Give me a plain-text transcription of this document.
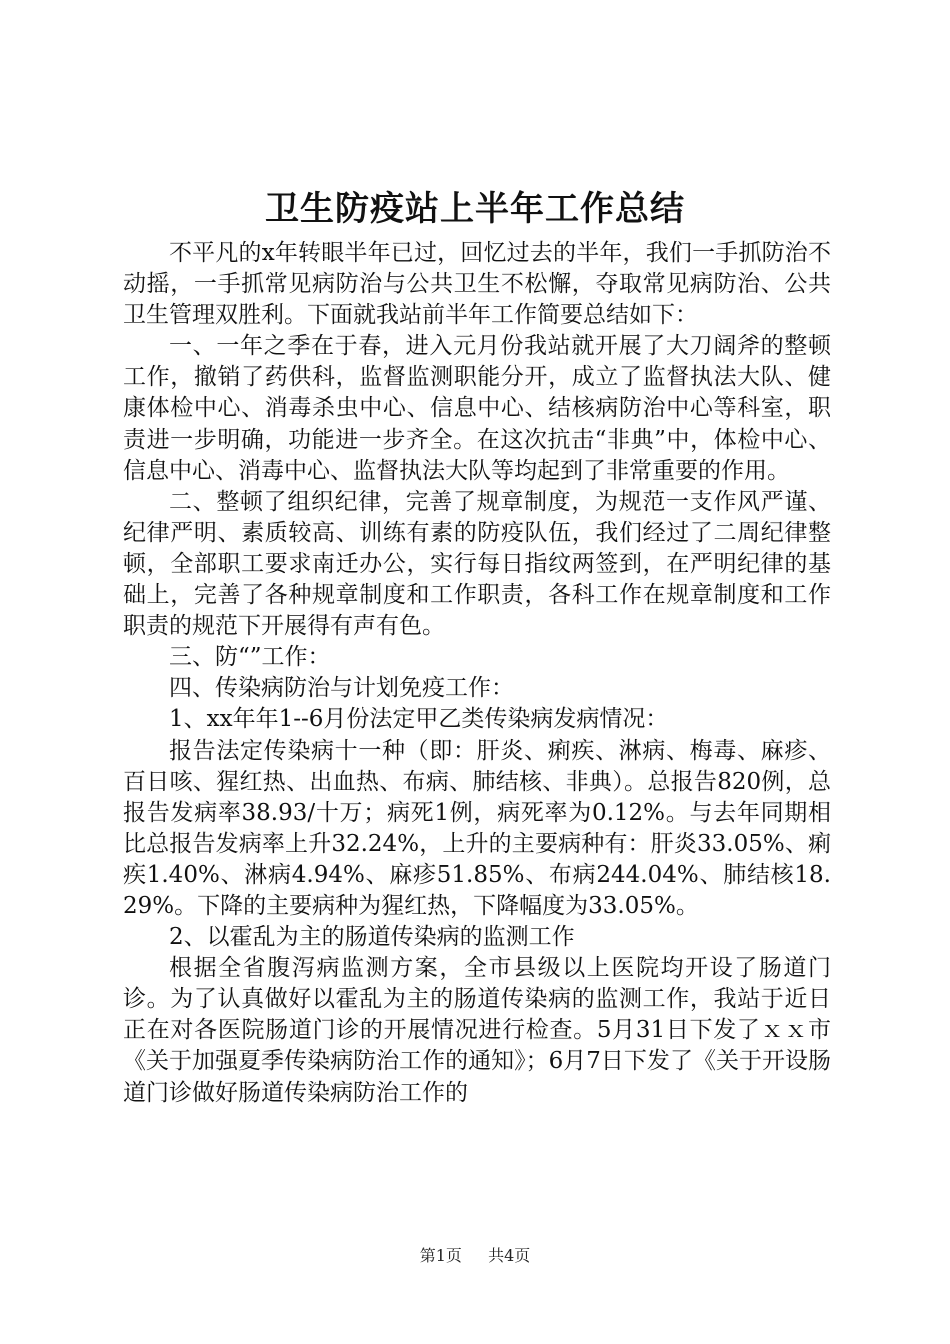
卫生防疫站上半年工作总结

不平凡的x年转眼半年已过，回忆过去的半年，我们一手抓防治不动摇，一手抓常见病防治与公共卫生不松懈，夺取常见病防治、公共卫生管理双胜利。下面就我站前半年工作简要总结如下：

一、一年之季在于春，进入元月份我站就开展了大刀阔斧的整顿工作，撤销了药供科，监督监测职能分开，成立了监督执法大队、健康体检中心、消毒杀虫中心、信息中心、结核病防治中心等科室，职责进一步明确，功能进一步齐全。在这次抗击“非典”中，体检中心、信息中心、消毒中心、监督执法大队等均起到了非常重要的作用。

二、整顿了组织纪律，完善了规章制度，为规范一支作风严谨、纪律严明、素质较高、训练有素的防疫队伍，我们经过了二周纪律整顿，全部职工要求南迁办公，实行每日指纹两签到，在严明纪律的基础上，完善了各种规章制度和工作职责，各科工作在规章制度和工作职责的规范下开展得有声有色。

三、防“”工作：

四、传染病防治与计划免疫工作：

1、xx年年1--6月份法定甲乙类传染病发病情况：

报告法定传染病十一种（即：肝炎、痢疾、淋病、梅毒、麻疹、百日咳、猩红热、出血热、布病、肺结核、非典）。总报告820例，总报告发病率38.93/十万；病死1例，病死率为0.12%。与去年同期相比总报告发病率上升32.24%，上升的主要病种有：肝炎33.05%、痢疾1.40%、淋病4.94%、麻疹51.85%、布病244.04%、肺结核18.29%。下降的主要病种为猩红热，下降幅度为33.05%。

2、以霍乱为主的肠道传染病的监测工作

根据全省腹泻病监测方案，全市县级以上医院均开设了肠道门诊。为了认真做好以霍乱为主的肠道传染病的监测工作，我站于近日正在对各医院肠道门诊的开展情况进行检查。5月31日下发了ｘｘ市《关于加强夏季传染病防治工作的通知》；6月7日下发了《关于开设肠道门诊做好肠道传染病防治工作的

第1页   共4页
